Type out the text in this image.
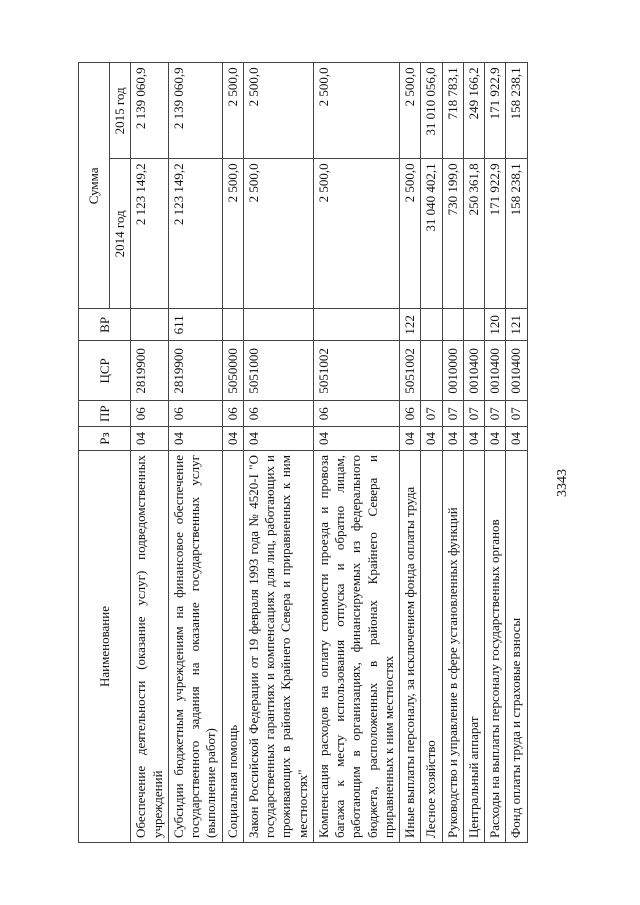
3343
Наименование	Рз	ПР	ЦСР	ВР	Сумма	
					2014 год	2015 год
Обеспечение деятельности (оказание услуг) подведомственных учреждений	04	06	2819900		2 123 149,2	2 139 060,9
Субсидии бюджетным учреждениям на финансовое обеспечение государственного задания на оказание государственных услуг (выполнение работ)	04	06	2819900	611	2 123 149,2	2 139 060,9
Социальная помощь	04	06	5050000		2 500,0	2 500,0
Закон Российской Федерации от 19 февраля 1993 года № 4520-I "О государственных гарантиях и компенсациях для лиц, работающих и проживающих в районах Крайнего Севера и приравненных к ним местностях"	04	06	5051000		2 500,0	2 500,0
Компенсация расходов на оплату стоимости проезда и провоза багажа к месту использования отпуска и обратно лицам, работающим в организациях, финансируемых из федерального бюджета, расположенных в районах Крайнего Севера и приравненных к ним местностях	04	06	5051002		2 500,0	2 500,0
Иные выплаты персоналу, за исключением фонда оплаты труда	04	06	5051002	122	2 500,0	2 500,0
Лесное хозяйство	04	07			31 040 402,1	31 010 056,0
Руководство и управление в сфере установленных функций	04	07	0010000		730 199,0	718 783,1
Центральный аппарат	04	07	0010400		250 361,8	249 166,2
Расходы на выплаты персоналу государственных органов	04	07	0010400	120	171 922,9	171 922,9
Фонд оплаты труда и страховые взносы	04	07	0010400	121	158 238,1	158 238,1
